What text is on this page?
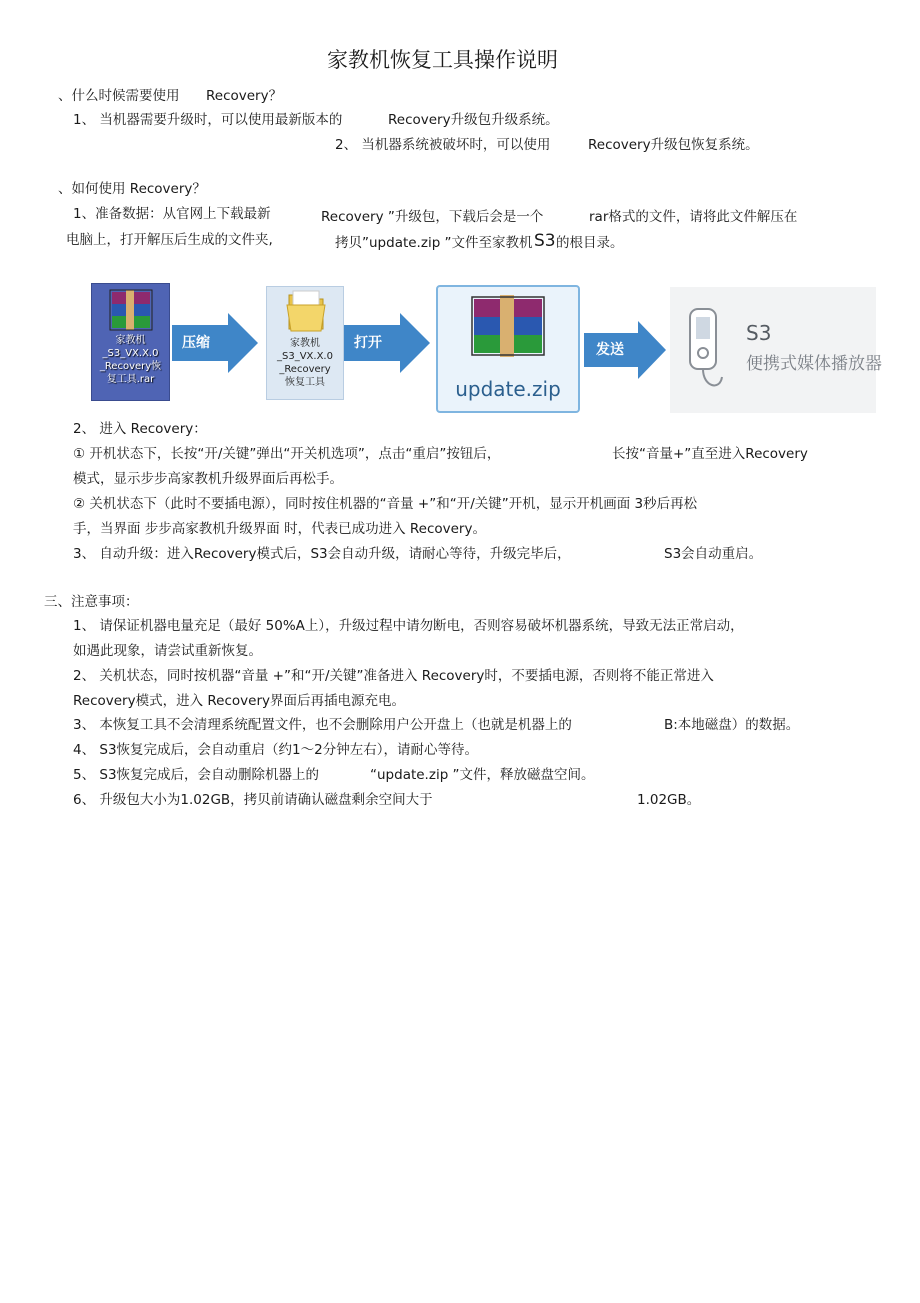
家教机恢复工具操作说明
、什么时候需要使用 Recovery？
1、 当机器需要升级时，可以使用最新版本的	Recovery升级包升级系统。
2、 当机器系统被破坏时，可以使用	Recovery升级包恢复系统。
、如何使用 Recovery？
1、准备数据：从官网上下载最新	Recovery ”升级包，下载后会是一个	rar格式的文件，请将此文件解压在
电脑上，打开解压后生成的文件夹,	拷贝”update.zip ”文件至家教机 S3 的根目录。
家教机
_S3_VX.X.0
_Recovery恢
复工具.rar
压缩	家教机
_S3_VX.X.0
_Recovery
恢复工具
打开
update.zip
发送
S3
便携式媒体播放器
2、 进入 Recovery：
① 开机状态下，长按“开/关键”弹出“开关机选项”，点击“重启”按钮后，	长按“音量+”直至进入Recovery
模式，显示步步高家教机升级界面后再松手。
② 关机状态下（此时不要插电源），同时按住机器的“音量 +”和“开/关键”开机，显示开机画面 3秒后再松
手，当界面 步步高家教机升级界面 时，代表已成功进入 Recovery。
3、 自动升级：进入Recovery模式后，S3会自动升级，请耐心等待，升级完毕后，	S3会自动重启。
三、注意事项：
1、 请保证机器电量充足（最好 50%A上），升级过程中请勿断电，否则容易破坏机器系统，导致无法正常启动，
如遇此现象，请尝试重新恢复。
2、 关机状态，同时按机器“音量 +”和“开/关键”准备进入 Recovery时，不要插电源，否则将不能正常进入
Recovery模式，进入 Recovery界面后再插电源充电。
3、 本恢复工具不会清理系统配置文件，也不会删除用户公开盘上（也就是机器上的	B:本地磁盘）的数据。
4、 S3恢复完成后，会自动重启（约1～2分钟左右），请耐心等待。
5、 S3恢复完成后，会自动删除机器上的	“update.zip ”文件，释放磁盘空间。
6、 升级包大小为1.02GB，拷贝前请确认磁盘剩余空间大于	1.02GB。
